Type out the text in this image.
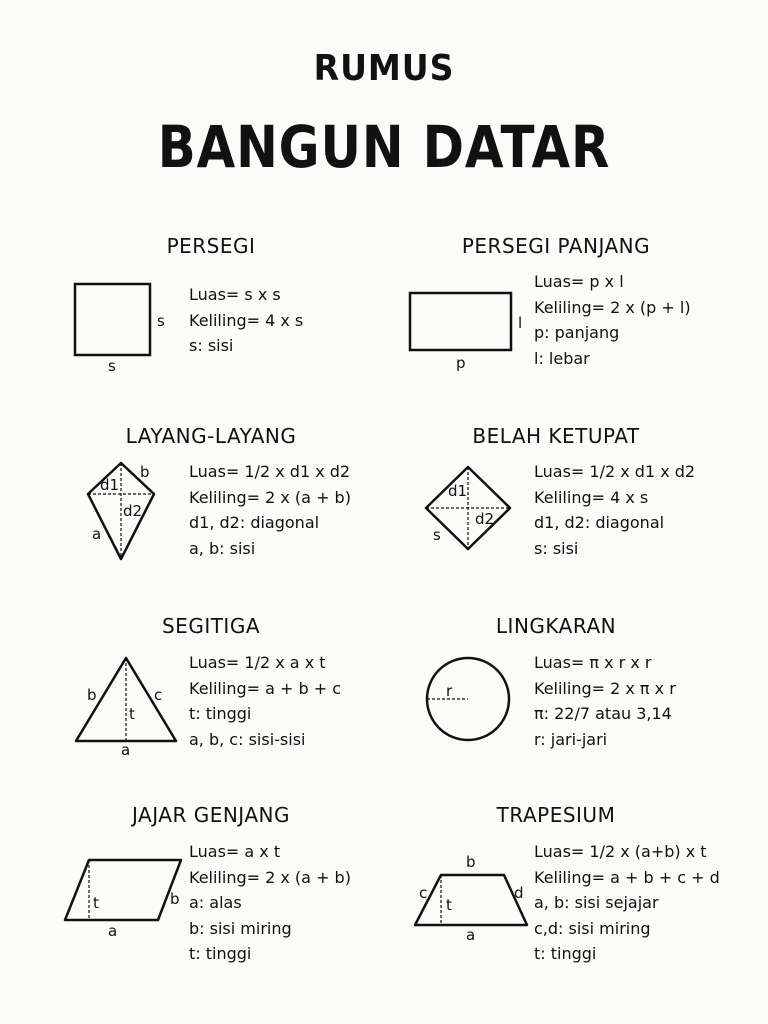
RUMUS
BANGUN DATAR
PERSEGI
s
s
Luas= s x s
Keliling= 4 x s
s: sisi
PERSEGI PANJANG
l
p
Luas= p x l
Keliling= 2 x (p + l)
p: panjang
l: lebar
LAYANG-LAYANG
b
d1
d2
a
Luas= 1/2 x d1 x d2
Keliling= 2 x (a + b)
d1, d2: diagonal
a, b: sisi
BELAH KETUPAT
d1
d2
s
Luas= 1/2 x d1 x d2
Keliling= 4 x s
d1, d2: diagonal
s: sisi
SEGITIGA
b	c
t
a
Luas= 1/2 x a x t
Keliling= a + b + c
t: tinggi
a, b, c: sisi-sisi
LINGKARAN
r
Luas= π x r x r
Keliling= 2 x π x r
π: 22/7 atau 3,14
r: jari-jari
JAJAR GENJANG
t	b
a
Luas= a x t
Keliling= 2 x (a + b)
a: alas
b: sisi miring
t: tinggi
TRAPESIUM
b
c	d
t
a
Luas= 1/2 x (a+b) x t
Keliling= a + b + c + d
a, b: sisi sejajar
c,d: sisi miring
t: tinggi
